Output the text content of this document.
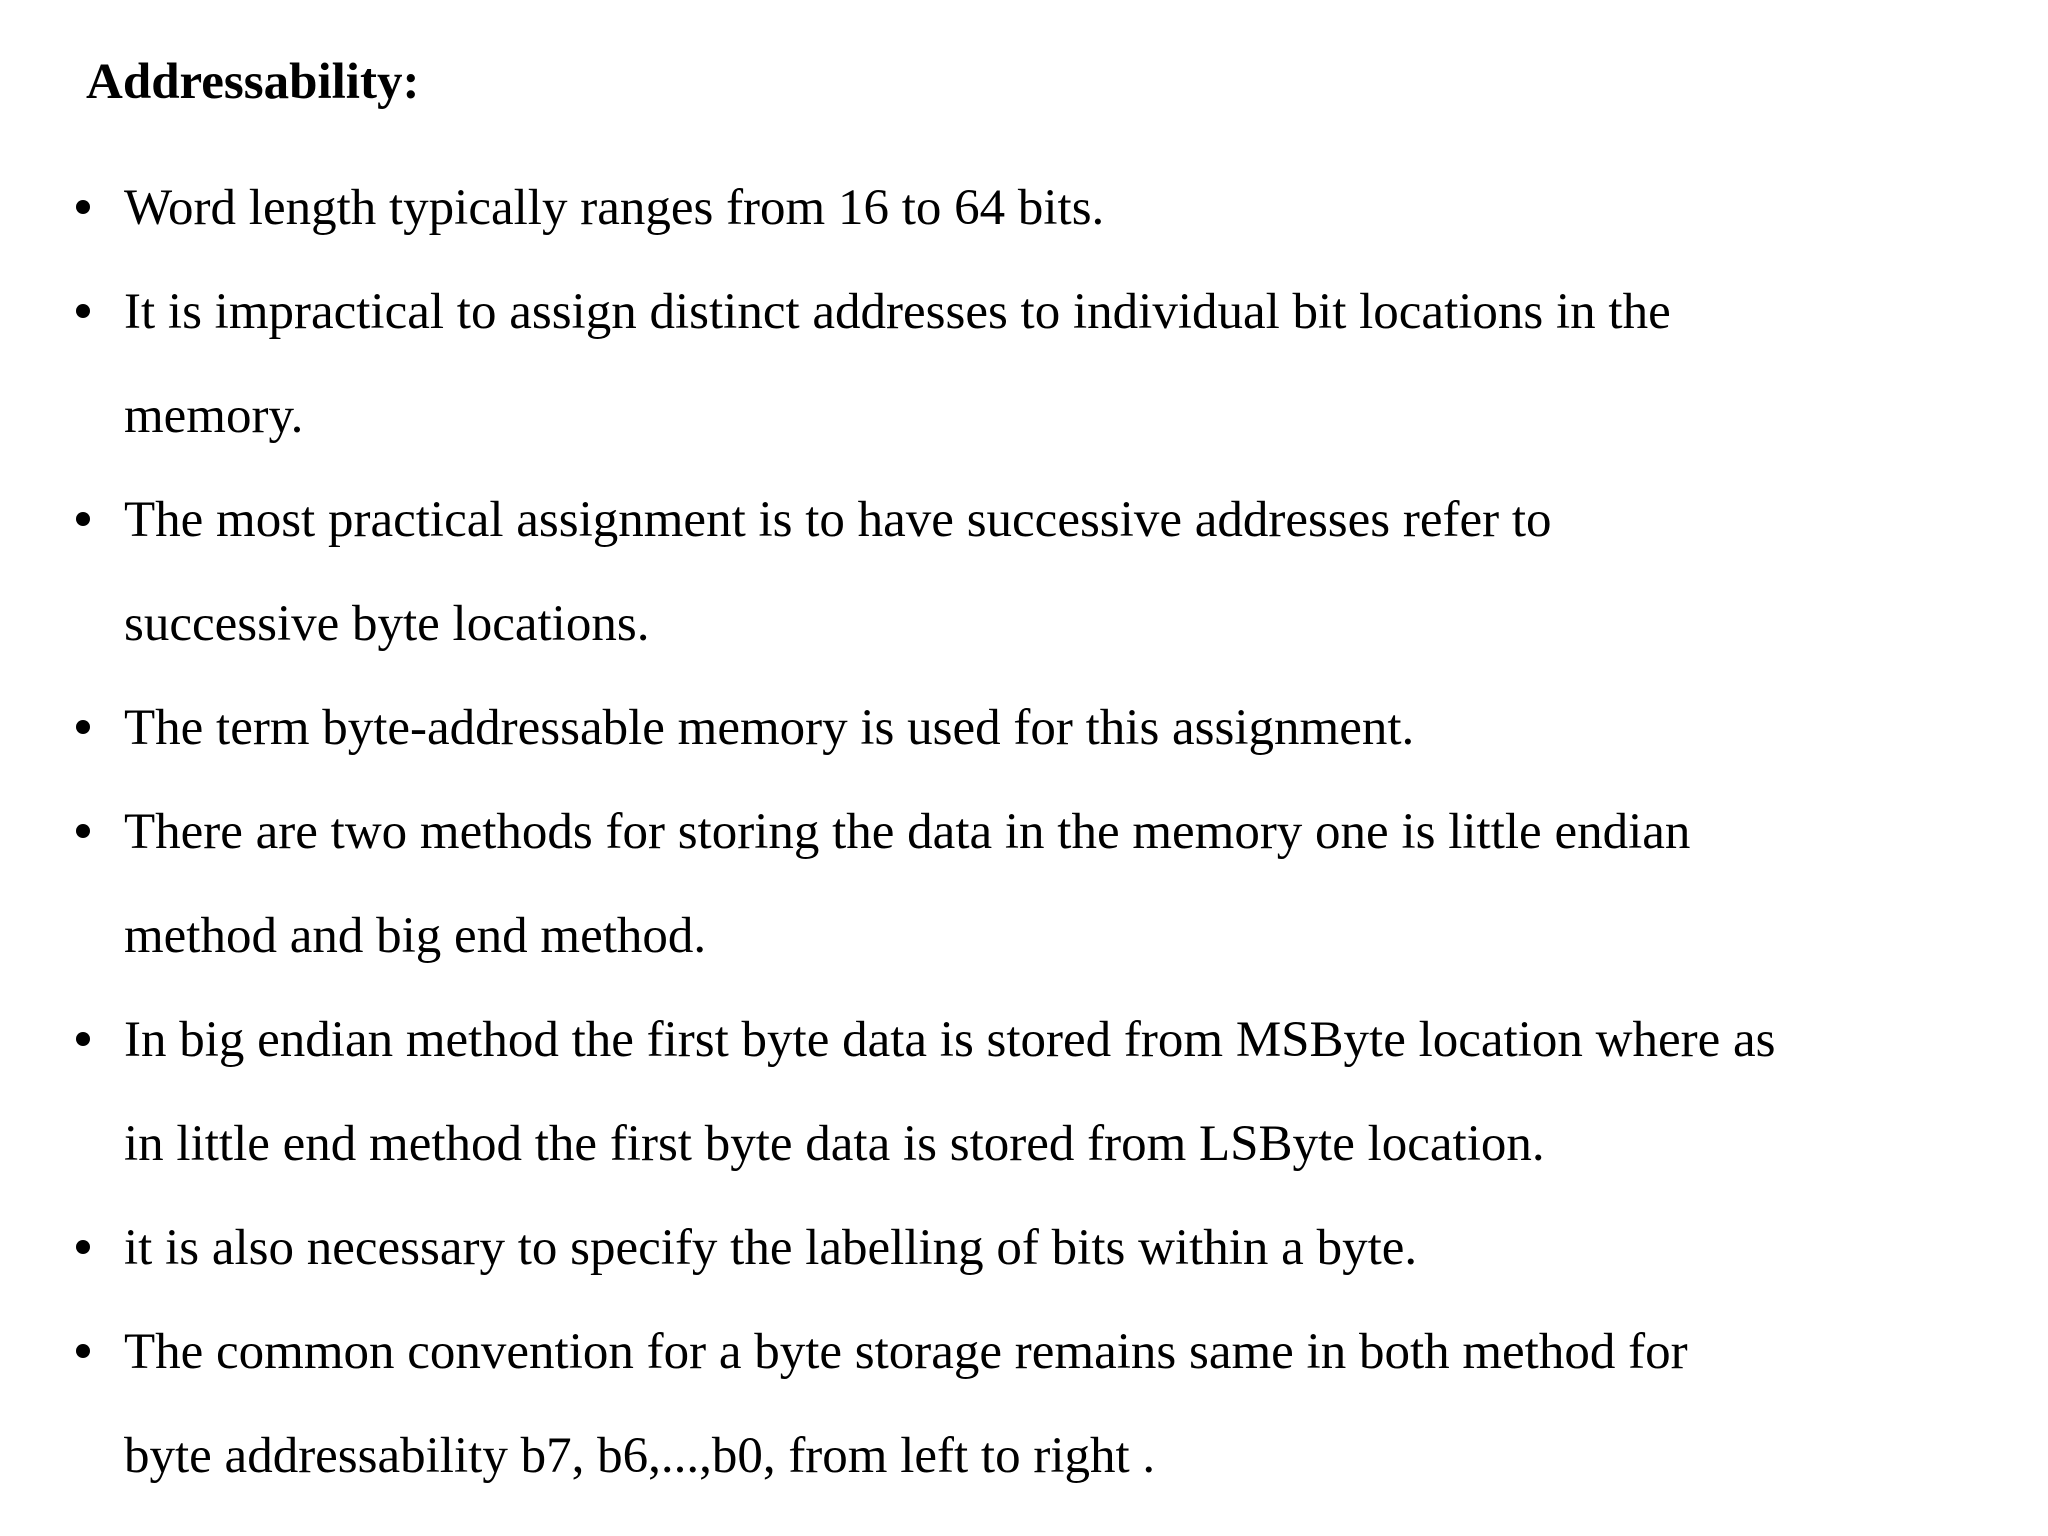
Addressability:

Word length typically ranges from 16 to 64 bits.

It is impractical to assign distinct addresses to individual bit locations in the

memory.

The most practical assignment is to have successive addresses refer to

successive byte locations.

The term byte-addressable memory is used for this assignment.

There are two methods for storing the data in the memory one is little endian

method and big end method.

In big endian method the first byte data is stored from MSByte location where as

in little end method the first byte data is stored from LSByte location.

it is also necessary to specify the labelling of bits within a byte.

The common convention for a byte storage remains same in both method for

byte addressability b7, b6,...,b0, from left to right .
